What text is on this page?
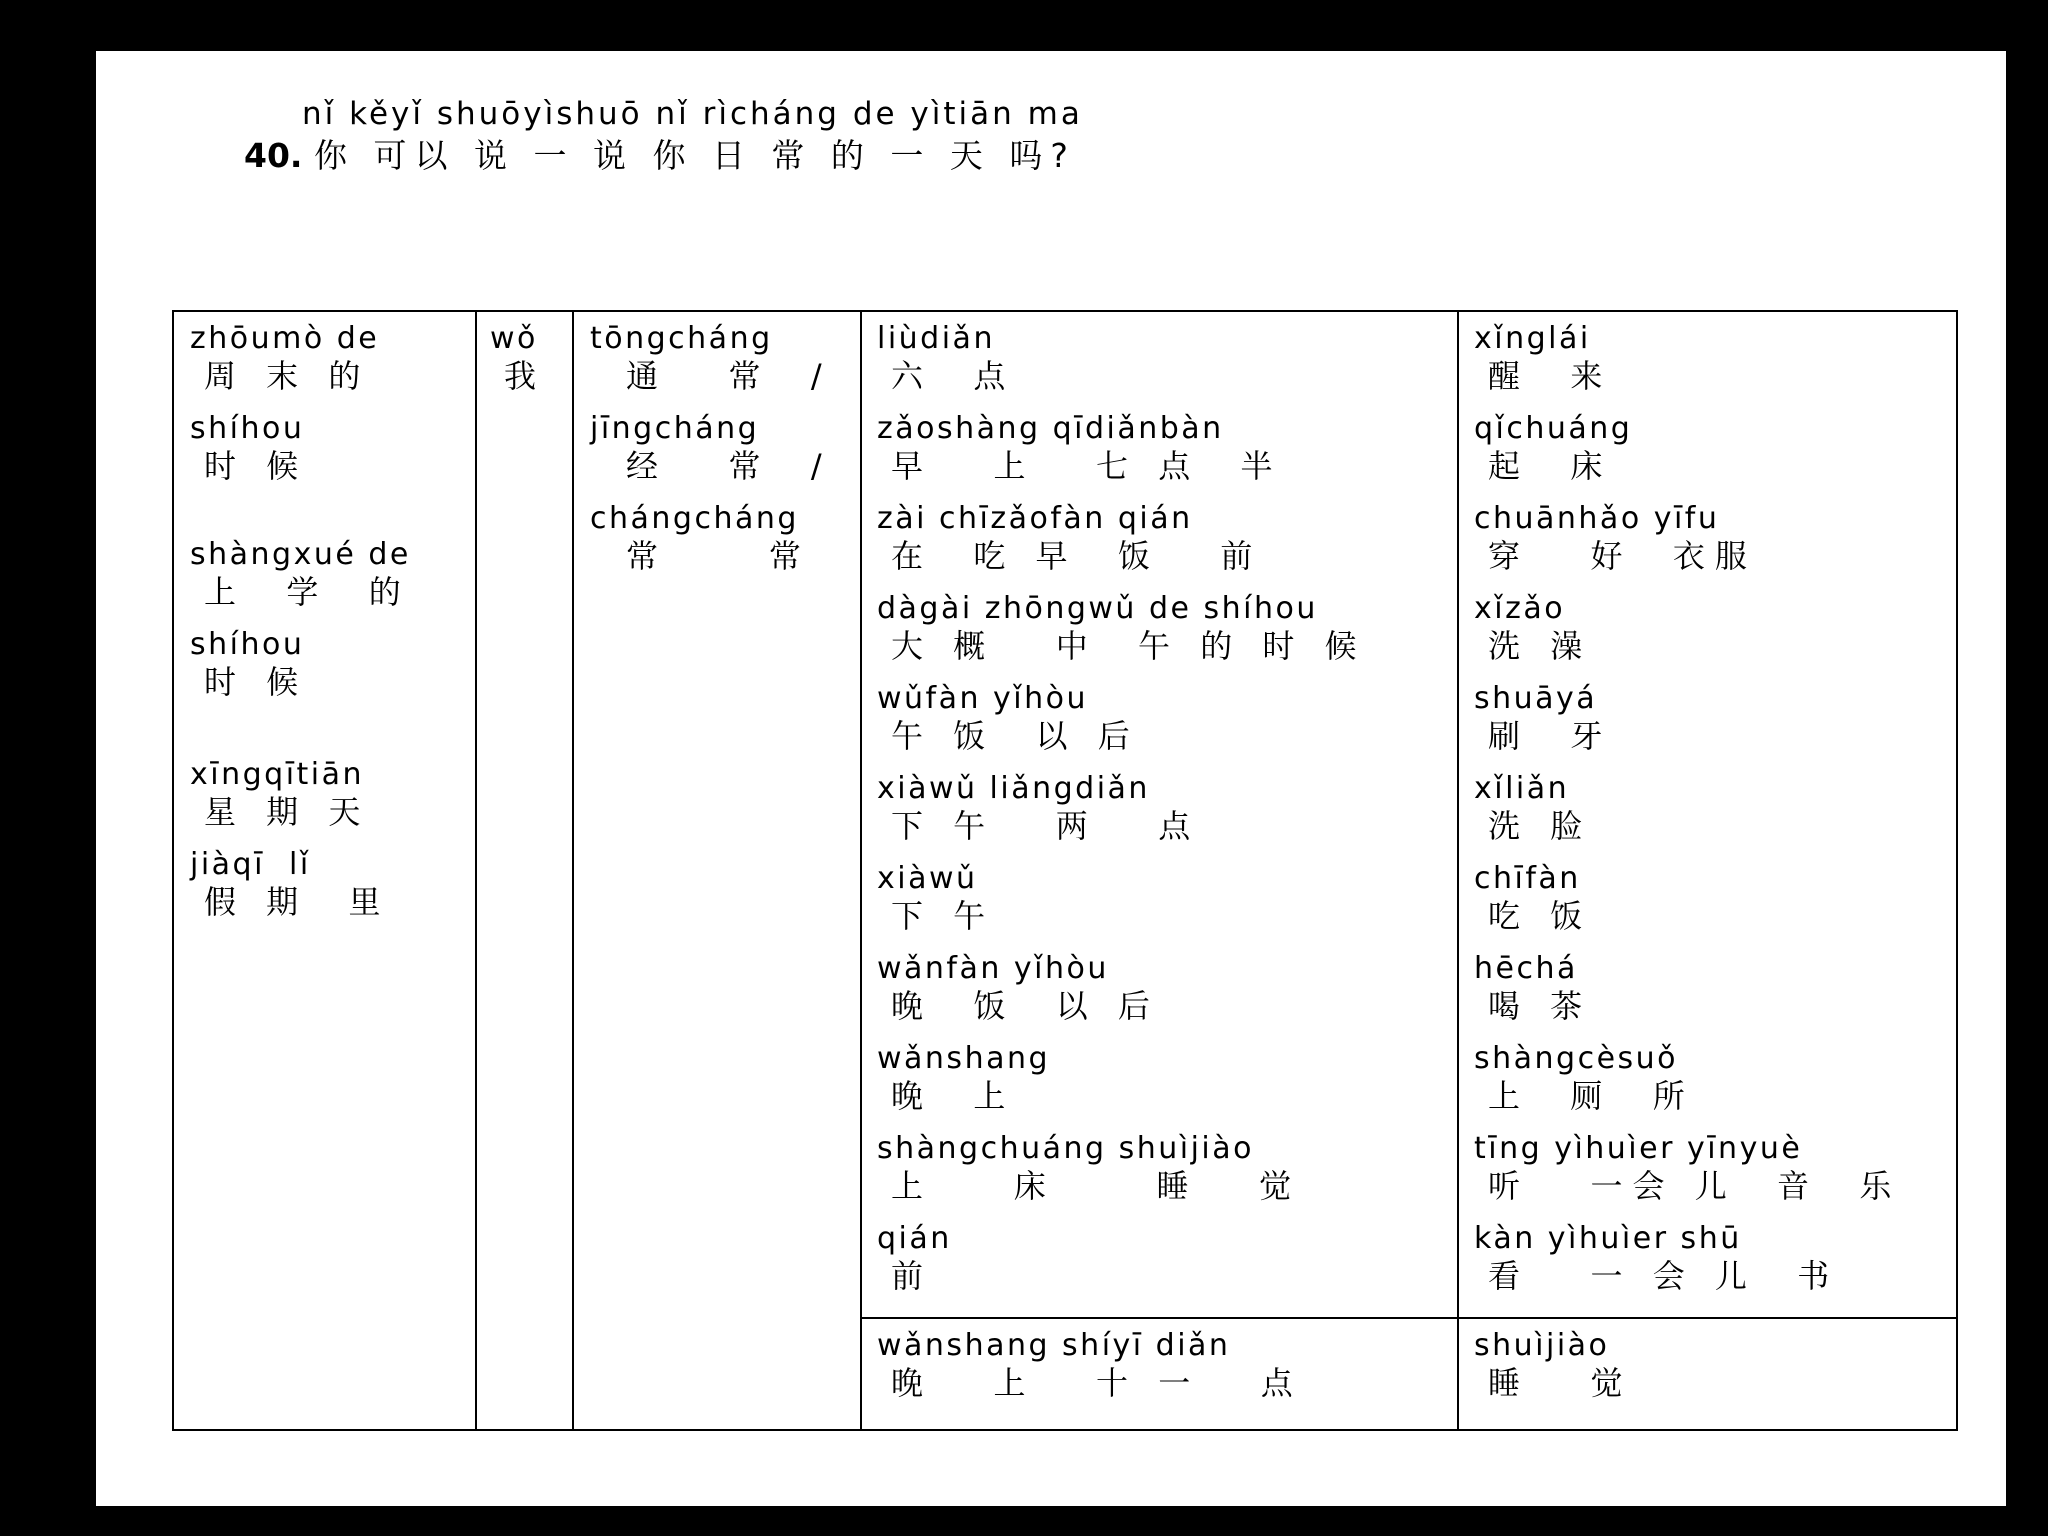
nǐ kěyǐ shuōyìshuō nǐ rìcháng de yìtiān ma
40. 你 可以 说 一 说 你 日 常 的 一 天 吗?
zhōumò de
周 末 的
shíhou
时 候
shàngxué de
上  学  的
shíhou
时 候
xīngqītiān
星 期 天
jiàqī  lǐ
假 期  里
wǒ
我
tōngcháng
通   常  /
jīngcháng
经   常  /
chángcháng
常     常
liùdiǎn
六  点
zǎoshàng qīdiǎnbàn
早   上   七 点  半
zài chīzǎofàn qián
在  吃 早  饭   前
dàgài zhōngwǔ de shíhou
大 概   中  午 的 时 候
wǔfàn yǐhòu
午 饭  以 后
xiàwǔ liǎngdiǎn
下 午   两   点
xiàwǔ
下 午
wǎnfàn yǐhòu
晚  饭  以 后
wǎnshang
晚  上
shàngchuáng shuìjiào
上    床     睡   觉
qián
前
xǐnglái
醒  来
qǐchuáng
起  床
chuānhǎo yīfu
穿   好  衣服
xǐzǎo
洗 澡
shuāyá
刷  牙
xǐliǎn
洗 脸
chīfàn
吃 饭
hēchá
喝 茶
shàngcèsuǒ
上  厕  所
tīng yìhuìer yīnyuè
听   一会 儿  音  乐
kàn yìhuìer shū
看   一 会 儿  书
wǎnshang shíyī diǎn
晚   上   十 一   点
shuìjiào
睡   觉
